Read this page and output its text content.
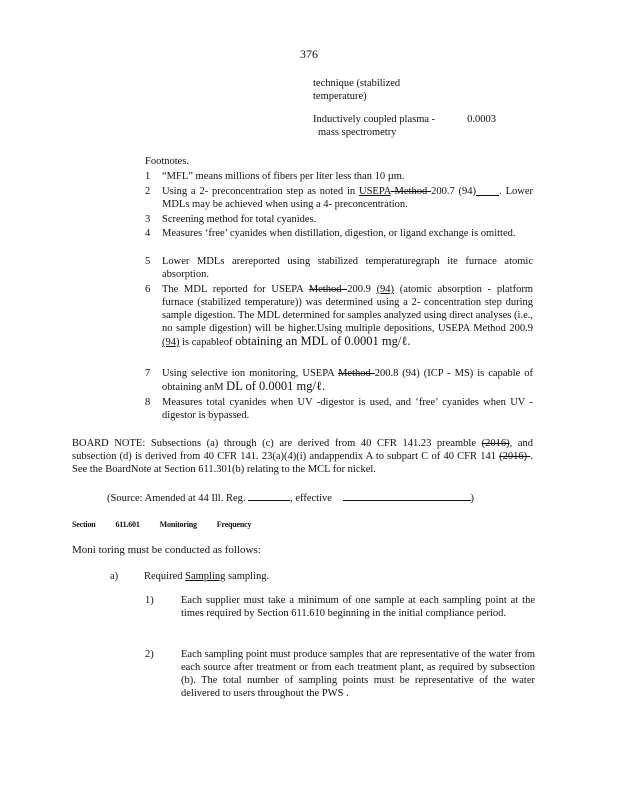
376
technique (stabilized
temperature)
Inductively coupled plasma -	0.0003
mass spectrometry
Footnotes.
1	“MFL” means millions of fibers per liter less than 10 µm.
2	Using a 2- preconcentration step as noted in USEPA Method 200.7 (94) . Lower MDLs may be achieved when using a 4- preconcentration.
3	Screening method for total cyanides.
4	Measures ‘free’ cyanides when distillation, digestion, or ligand exchange is omitted.
5	Lower MDLs arereported using stabilized temperaturegraph ite furnace atomic absorption.
6	The MDL reported for USEPA Method 200.9 (94) (atomic absorption - platform furnace (stabilized temperature)) was determined using a 2- concentration step during sample digestion. The MDL determined for samples analyzed using direct analyses (i.e., no sample digestion) will be higher.Using multiple depositions, USEPA Method 200.9 (94) is capableof obtaining an MDL of 0.0001 mg/ℓ.
7	Using selective ion monitoring, USEPA Method 200.8 (94) (ICP - MS) is capable of obtaining anM DL of 0.0001 mg/ℓ.
8	Measures total cyanides when UV -digestor is used, and ‘free’ cyanides when UV -digestor is bypassed.
BOARD NOTE: Subsections (a) through (c) are derived from 40 CFR 141.23 preamble (2016), and subsection (d) is derived from 40 CFR 141. 23(a)(4)(i) andappendix A to subpart C of 40 CFR 141 (2016) . See the BoardNote at Section 611.301(b) relating to the MCL for nickel.
(Source: Amended at 44 Ill. Reg.	, effective	)
Section	611.601	Monitoring	Frequency
Moni toring must be conducted as follows:
a) Required Sampling sampling.
1)	Each supplier must take a minimum of one sample at each sampling point at the times required by Section 611.610 beginning in the initial compliance period.
2)	Each sampling point must produce samples that are representative of the water from each source after treatment or from each treatment plant, as required by subsection (b). The total number of sampling points must be representative of the water delivered to users throughout the PWS .
